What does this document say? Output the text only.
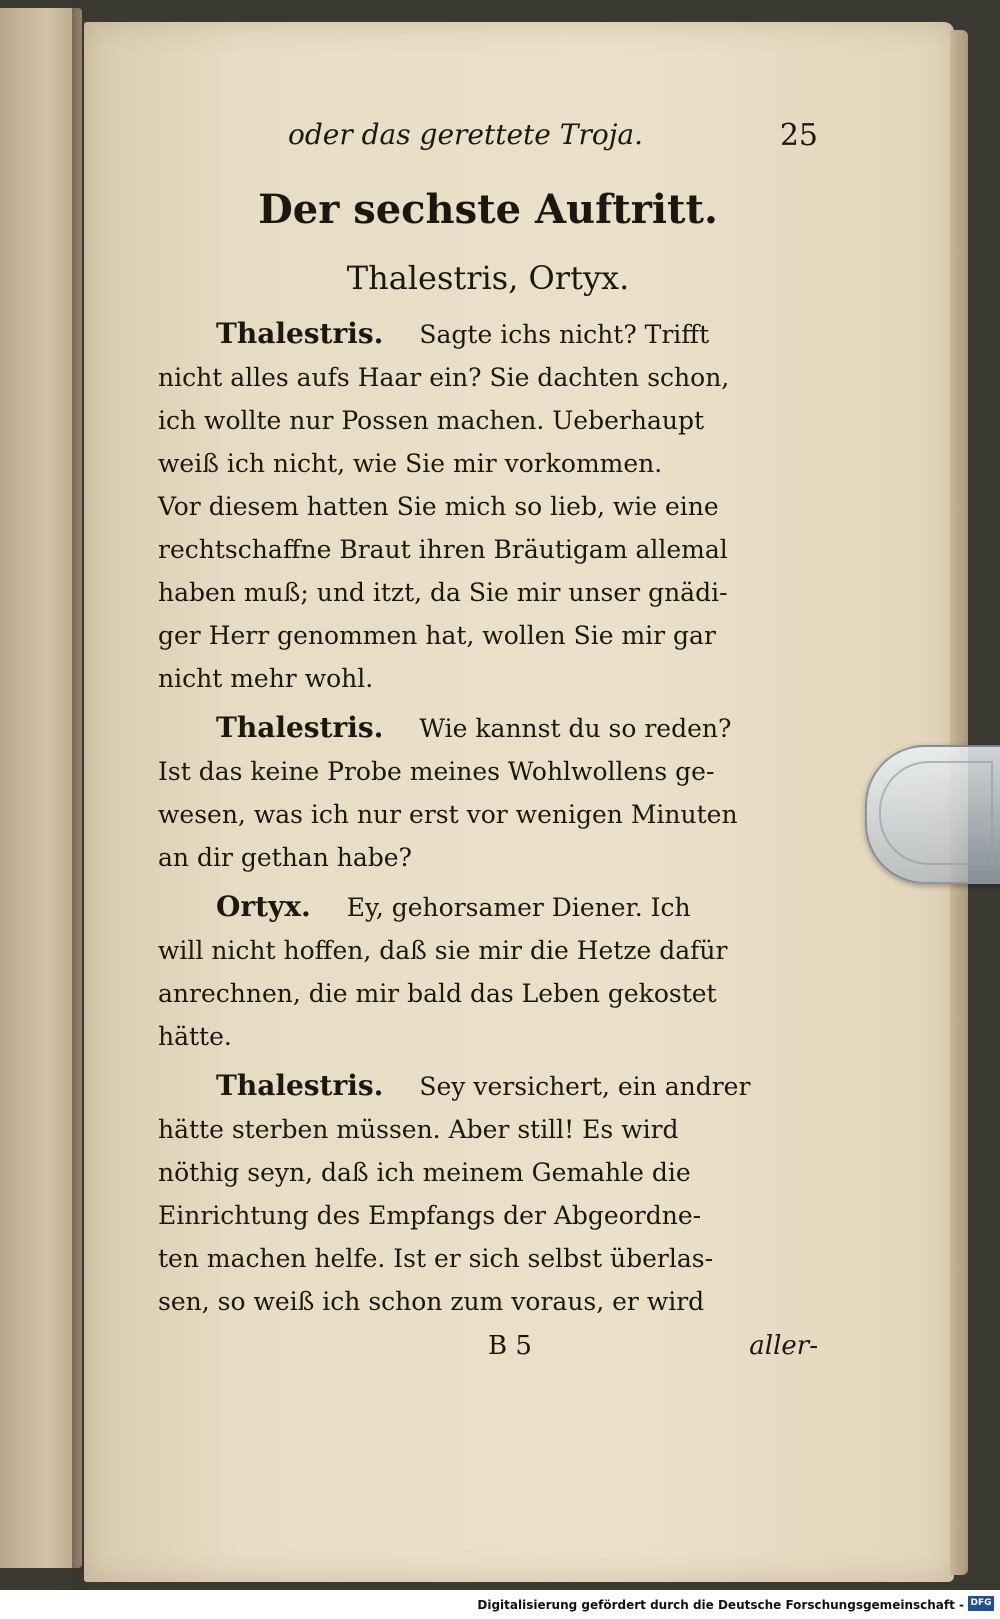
oder das gerettete Troja.	25
Der sechste Auftritt.
Thalestris, Ortyx.
Thalestris. Sagte ichs nicht? Trifft
nicht alles aufs Haar ein? Sie dachten schon,
ich wollte nur Possen machen. Ueberhaupt
weiß ich nicht, wie Sie mir vorkommen.
Vor diesem hatten Sie mich so lieb, wie eine
rechtschaffne Braut ihren Bräutigam allemal
haben muß; und itzt, da Sie mir unser gnädi-
ger Herr genommen hat, wollen Sie mir gar
nicht mehr wohl.
Thalestris. Wie kannst du so reden?
Ist das keine Probe meines Wohlwollens ge-
wesen, was ich nur erst vor wenigen Minuten
an dir gethan habe?
Ortyx. Ey, gehorsamer Diener. Ich
will nicht hoffen, daß sie mir die Hetze dafür
anrechnen, die mir bald das Leben gekostet
hätte.
Thalestris. Sey versichert, ein andrer
hätte sterben müssen. Aber still! Es wird
nöthig seyn, daß ich meinem Gemahle die
Einrichtung des Empfangs der Abgeordne-
ten machen helfe. Ist er sich selbst überlas-
sen, so weiß ich schon zum voraus, er wird
B 5	aller-
Digitalisierung gefördert durch die Deutsche Forschungsgemeinschaft - DFG
